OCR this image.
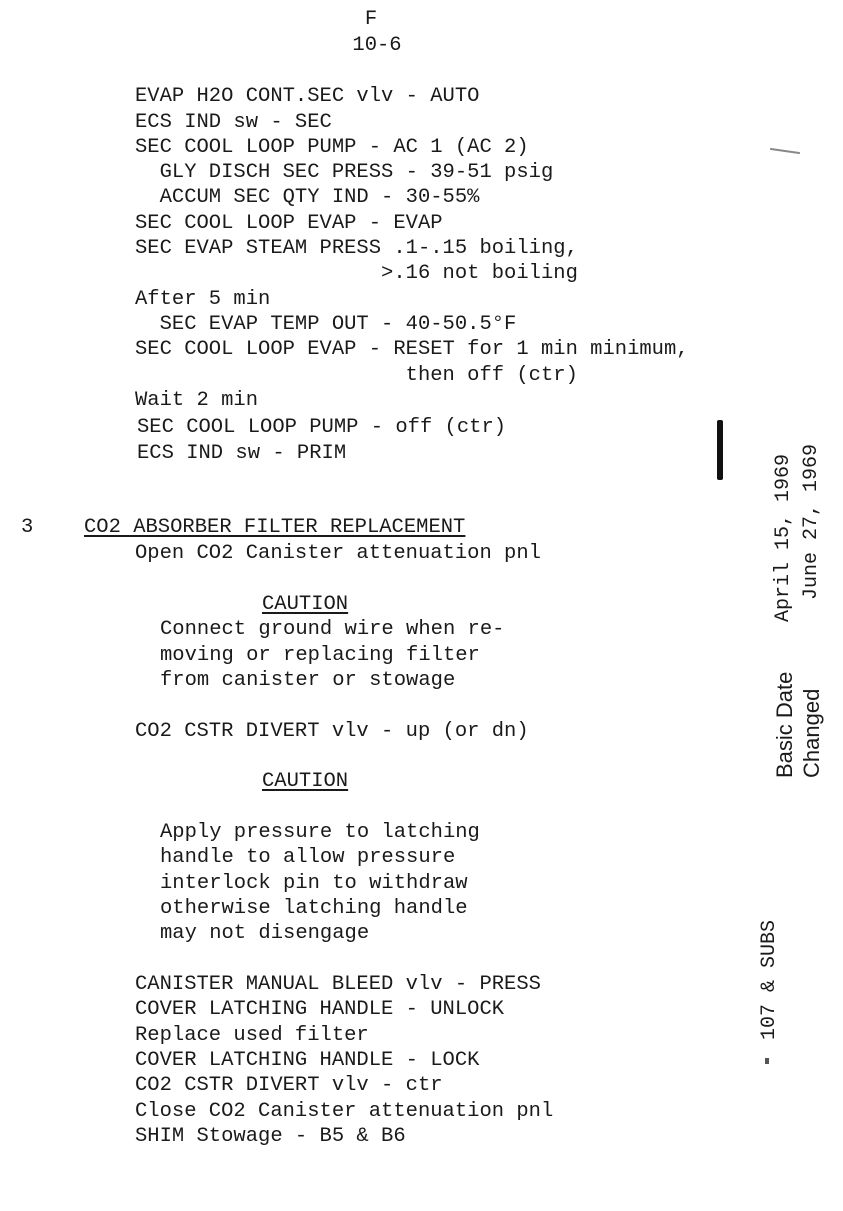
F
10-6
EVAP H2O CONT.SEC vlv - AUTO
ECS IND sw - SEC
SEC COOL LOOP PUMP - AC 1 (AC 2)
GLY DISCH SEC PRESS - 39-51 psig
ACCUM SEC QTY IND - 30-55%
SEC COOL LOOP EVAP - EVAP
SEC EVAP STEAM PRESS .1-.15 boiling,
>.16 not boiling
After 5 min
SEC EVAP TEMP OUT - 40-50.5°F
SEC COOL LOOP EVAP - RESET for 1 min minimum,
then off (ctr)
Wait 2 min
SEC COOL LOOP PUMP - off (ctr)
ECS IND sw - PRIM
3 CO2 ABSORBER FILTER REPLACEMENT
Open CO2 Canister attenuation pnl
CAUTION
Connect ground wire when re-
moving or replacing filter
from canister or stowage
CO2 CSTR DIVERT vlv - up (or dn)
CAUTION
Apply pressure to latching
handle to allow pressure
interlock pin to withdraw
otherwise latching handle
may not disengage
CANISTER MANUAL BLEED vlv - PRESS
COVER LATCHING HANDLE - UNLOCK
Replace used filter
COVER LATCHING HANDLE - LOCK
CO2 CSTR DIVERT vlv - ctr
Close CO2 Canister attenuation pnl
SHIM Stowage - B5 & B6
Basic Date Changed
April 15, 1969 June 27, 1969
107 & SUBS
